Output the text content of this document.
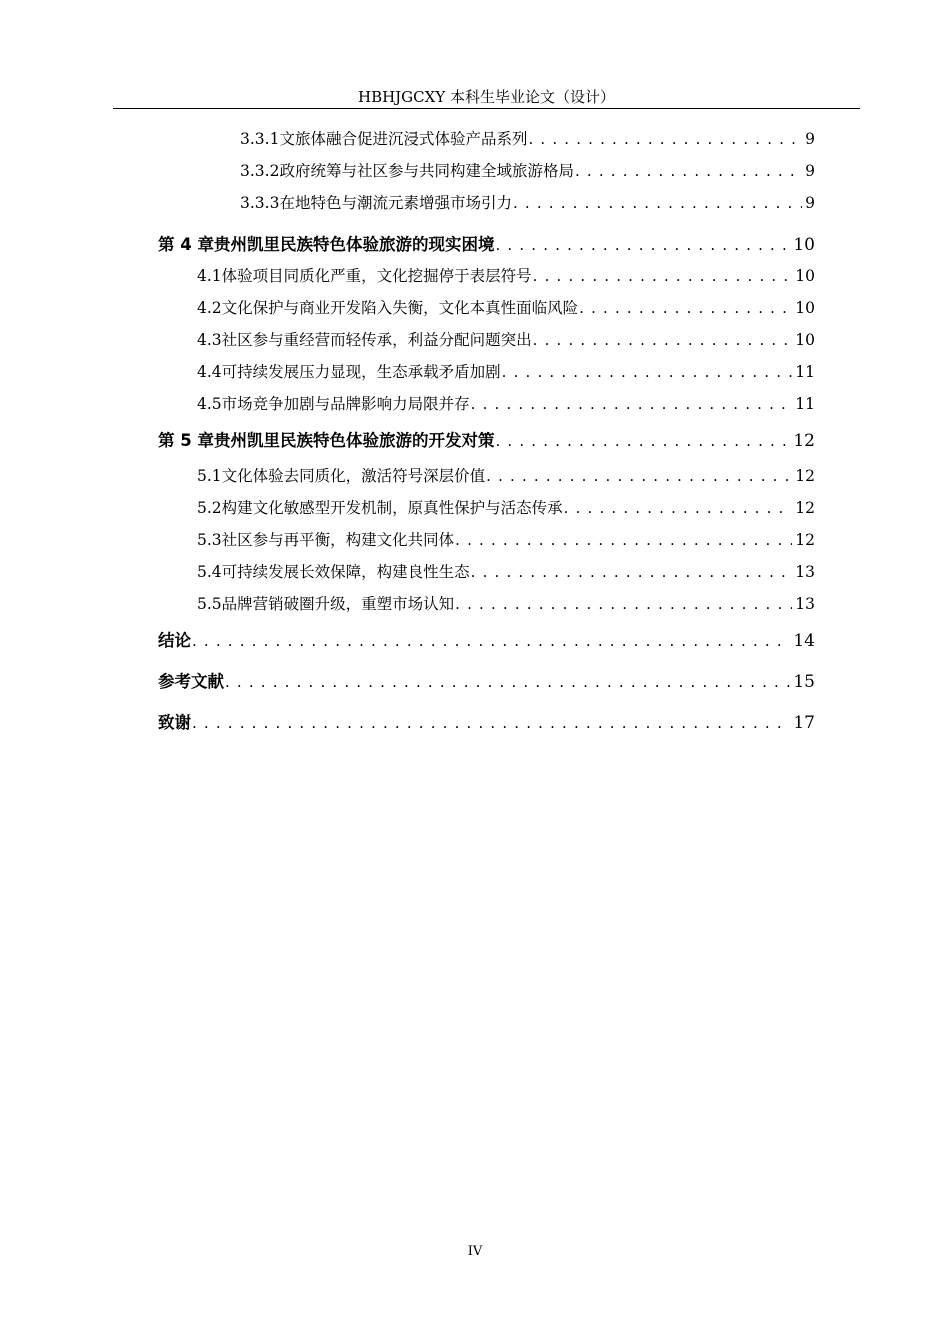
HBHJGCXY 本科生毕业论文（设计）
3.3.1 文旅体融合促进沉浸式体验产品系列 . . .	9
3.3.2 政府统筹与社区参与共同构建全域旅游格局 . . .	9
3.3.3 在地特色与潮流元素增强市场引力 . . .	9
第 4 章 贵州凯里民族特色体验旅游的现实困境 . . .	10
4.1 体验项目同质化严重，文化挖掘停于表层符号 . . .	10
4.2 文化保护与商业开发陷入失衡，文化本真性面临风险 . . .	10
4.3 社区参与重经营而轻传承，利益分配问题突出 . . .	10
4.4 可持续发展压力显现，生态承载矛盾加剧 . . .	11
4.5 市场竞争加剧与品牌影响力局限并存 . . .	11
第 5 章 贵州凯里民族特色体验旅游的开发对策 . . .	12
5.1 文化体验去同质化，激活符号深层价值 . . .	12
5.2 构建文化敏感型开发机制，原真性保护与活态传承 . . .	12
5.3 社区参与再平衡，构建文化共同体 . . .	12
5.4 可持续发展长效保障，构建良性生态 . . .	13
5.5 品牌营销破圈升级，重塑市场认知 . . .	13
结论 . . .	14
参考文献 . . .	15
致谢 . . .	17
IV
